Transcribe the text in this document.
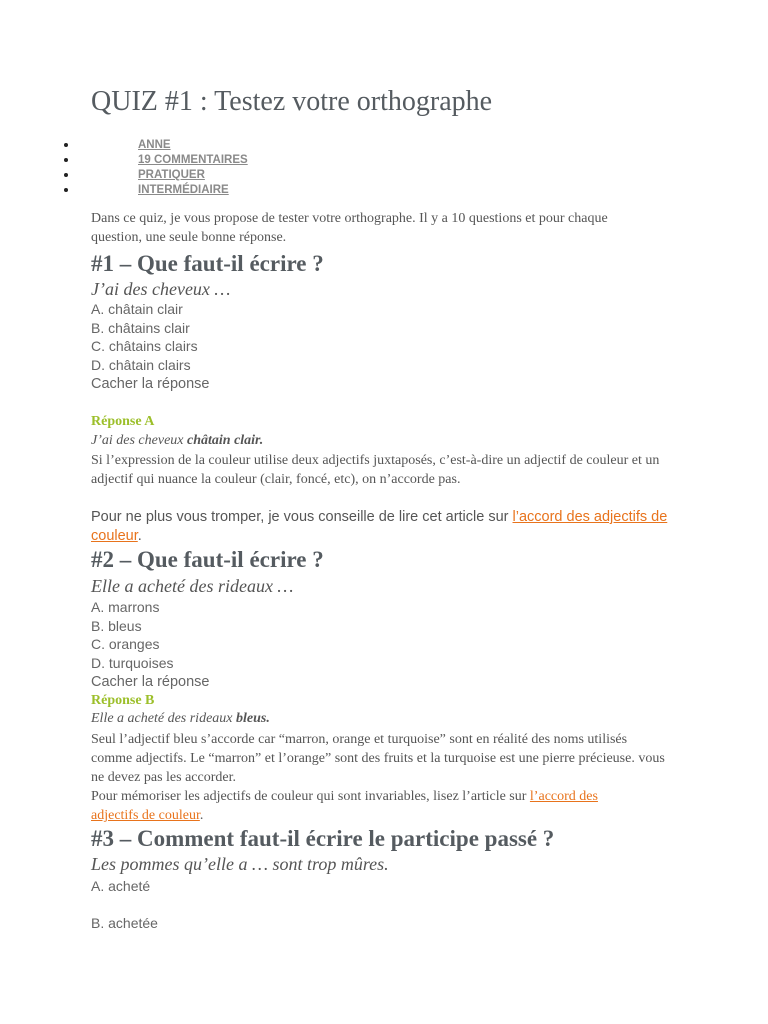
QUIZ #1 : Testez votre orthographe
ANNE
19 COMMENTAIRES
PRATIQUER
INTERMÉDIAIRE
Dans ce quiz, je vous propose de tester votre orthographe. Il y a 10 questions et pour chaque question, une seule bonne réponse.
#1 – Que faut-il écrire ?
J’ai des cheveux …
A. châtain clair
B. châtains clair
C. châtains clairs
D. châtain clairs
Cacher la réponse
Réponse A
J’ai des cheveux châtain clair.
Si l’expression de la couleur utilise deux adjectifs juxtaposés, c’est-à-dire un adjectif de couleur et un adjectif qui nuance la couleur (clair, foncé, etc), on n’accorde pas.
Pour ne plus vous tromper, je vous conseille de lire cet article sur l’accord des adjectifs de couleur.
#2 – Que faut-il écrire ?
Elle a acheté des rideaux …
A. marrons
B. bleus
C. oranges
D. turquoises
Cacher la réponse
Réponse B
Elle a acheté des rideaux bleus.
Seul l’adjectif bleu s’accorde car “marron, orange et turquoise” sont en réalité des noms utilisés comme adjectifs. Le “marron” et l’orange” sont des fruits et la turquoise est une pierre précieuse. vous ne devez pas les accorder.
Pour mémoriser les adjectifs de couleur qui sont invariables, lisez l’article sur l’accord des adjectifs de couleur.
#3 – Comment faut-il écrire le participe passé ?
Les pommes qu’elle a … sont trop mûres.
A. acheté
B. achetée
